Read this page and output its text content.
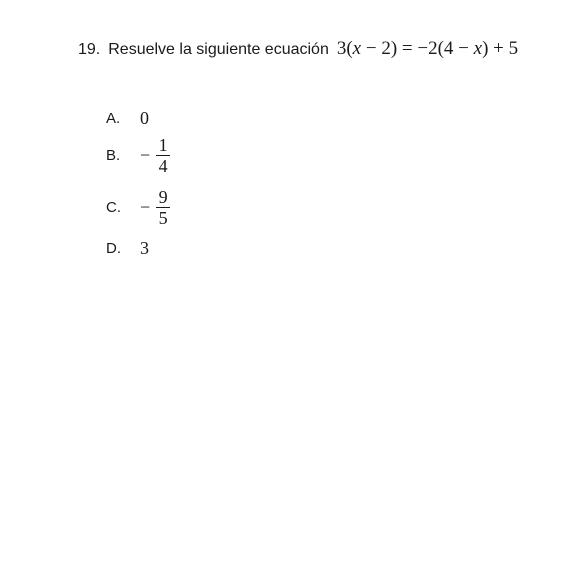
19. Resuelve la siguiente ecuación 3(x − 2) = −2(4 − x) + 5
A.	0
B.	− $\frac{1}{4}$
C.	− $\frac{9}{5}$
D.	3
